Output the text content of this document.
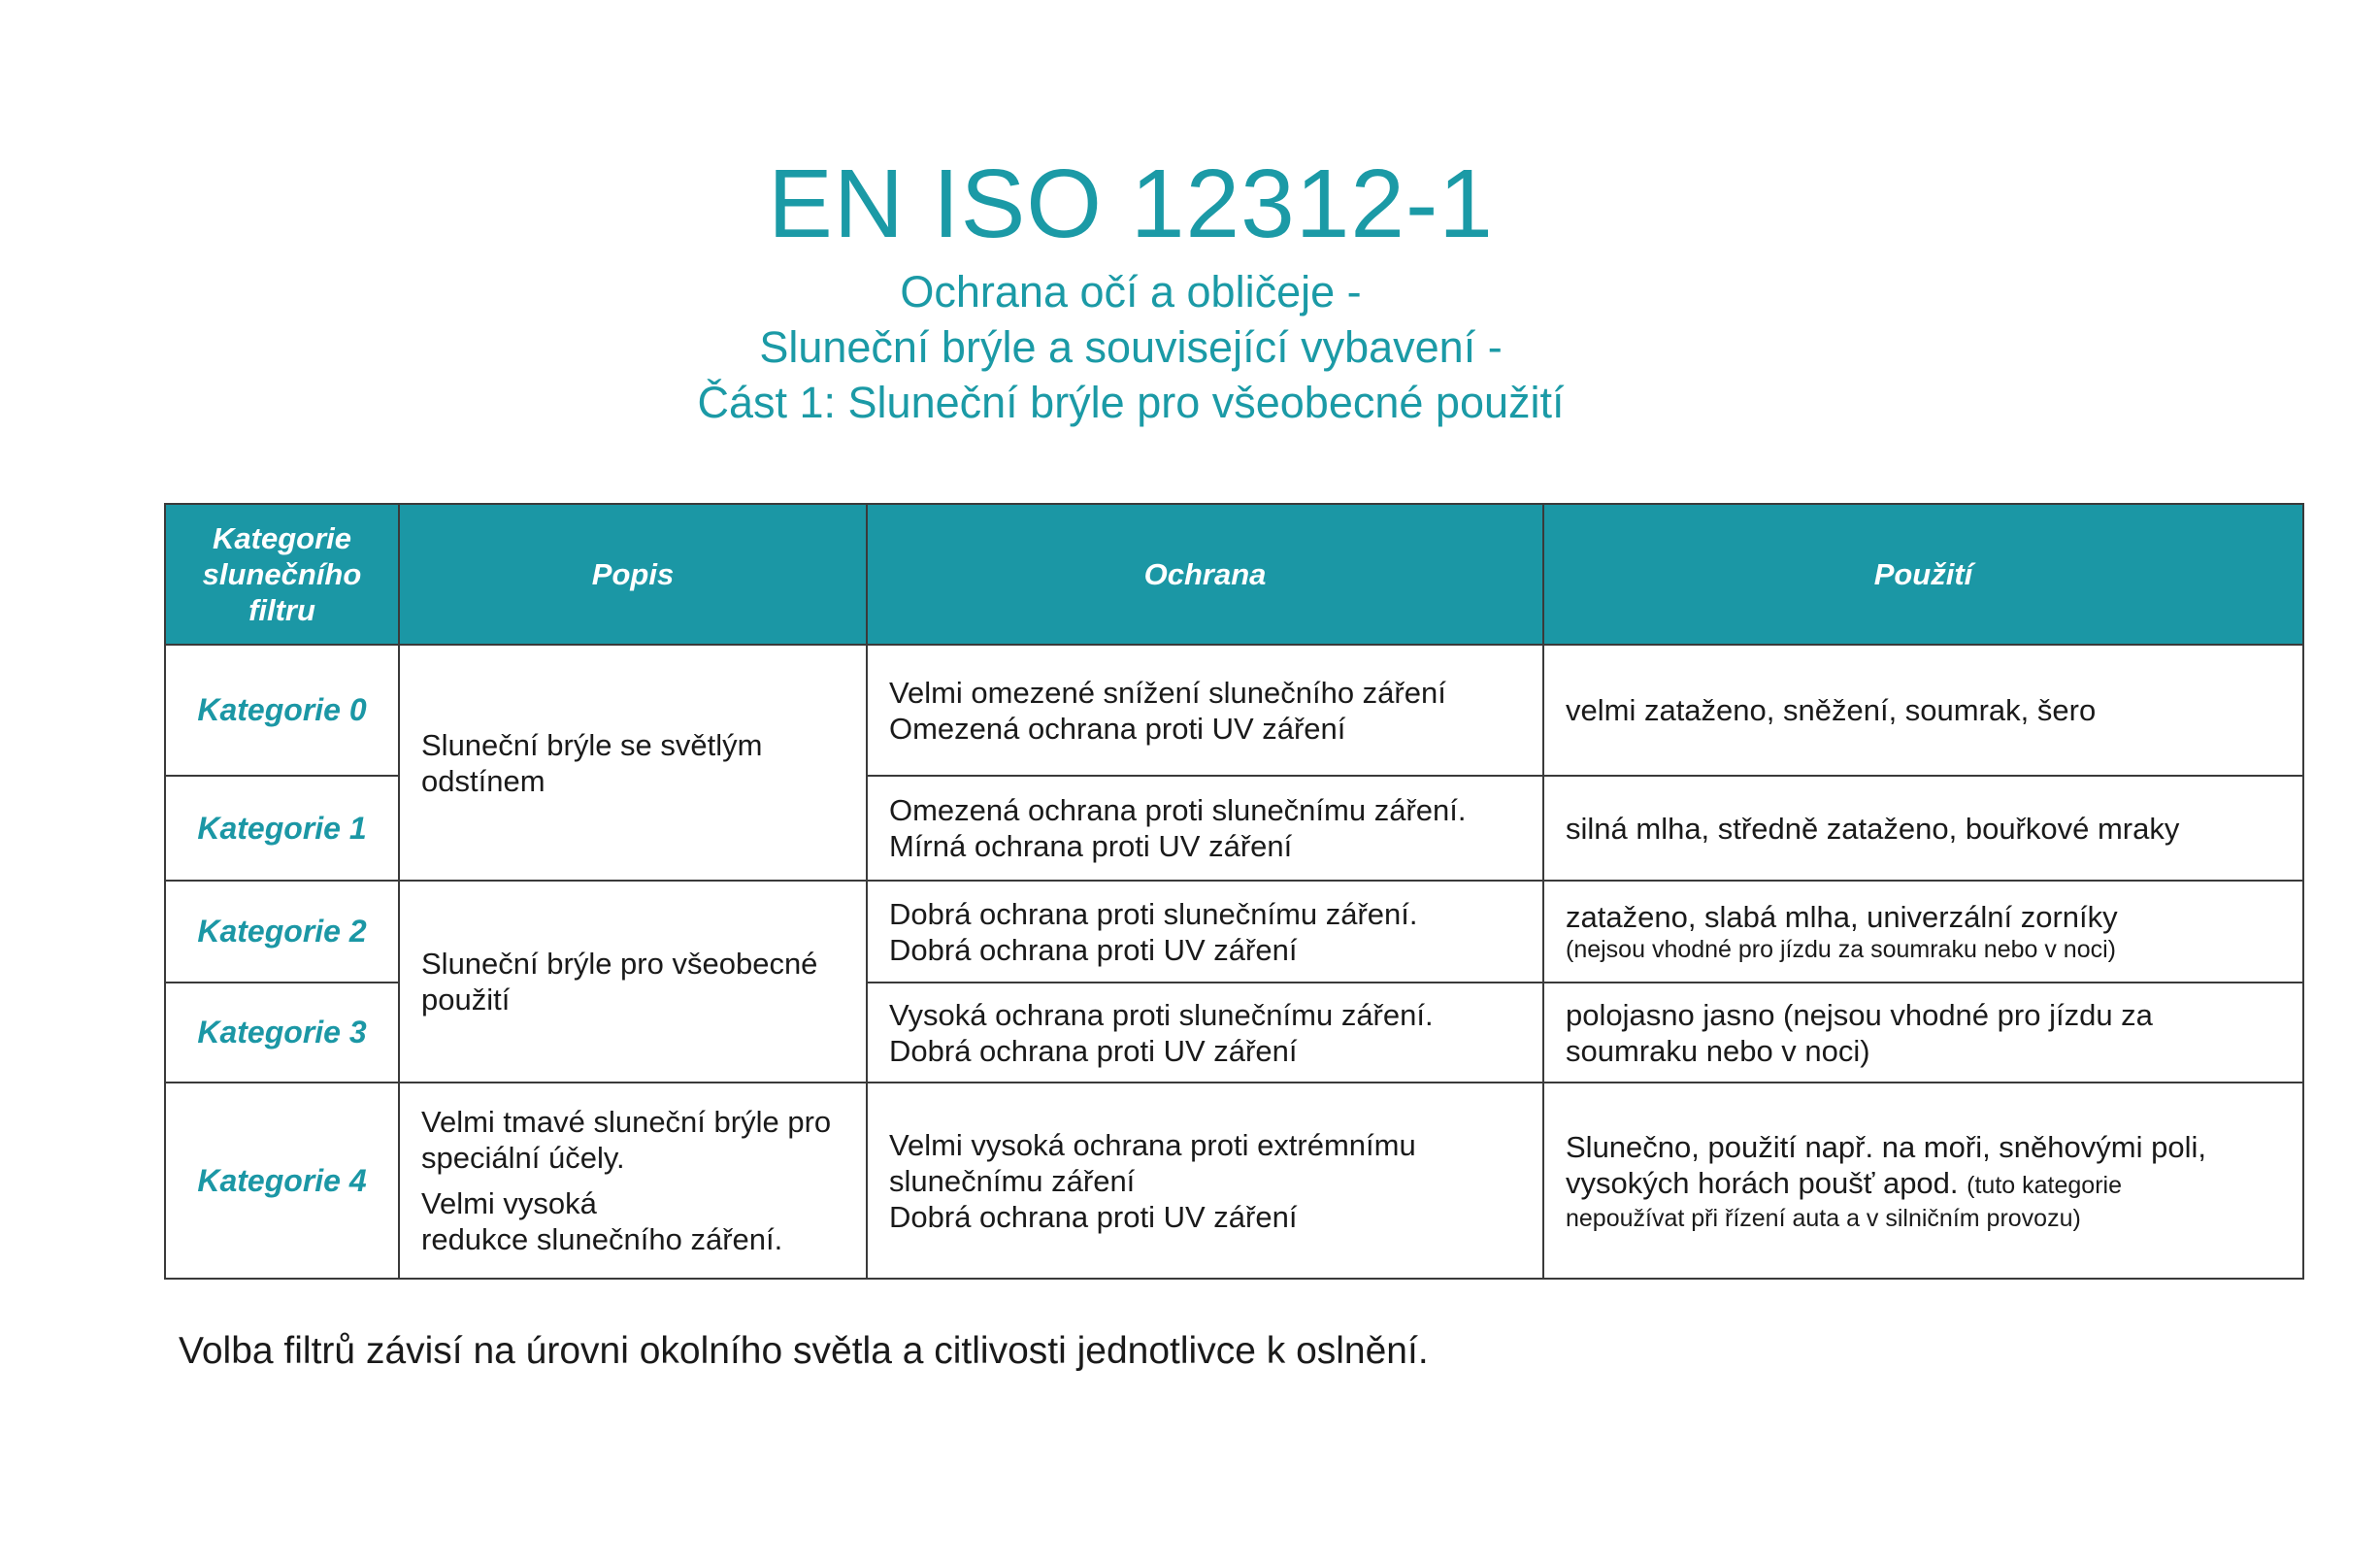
EN ISO 12312-1
Ochrana očí a obličeje -
Sluneční brýle a související vybavení -
Část 1: Sluneční brýle pro všeobecné použití
Kategorie
slunečního
filtru	Popis	Ochrana	Použití
Kategorie 0	Sluneční brýle se světlým
odstínem	Velmi omezené snížení slunečního záření
Omezená ochrana proti UV záření	velmi zataženo, sněžení, soumrak, šero

Kategorie 1		Omezená ochrana proti slunečnímu záření.
Mírná ochrana proti UV záření	silná mlha, středně zataženo, bouřkové mraky

Kategorie 2	Sluneční brýle pro všeobecné
použití	Dobrá ochrana proti slunečnímu záření.
Dobrá ochrana proti UV záření	zataženo, slabá mlha, univerzální zorníky
(nejsou vhodné pro jízdu za soumraku nebo v noci)

Kategorie 3		Vysoká ochrana proti slunečnímu záření.
Dobrá ochrana proti UV záření	polojasno jasno (nejsou vhodné pro jízdu za
soumraku nebo v noci)

Kategorie 4	Velmi tmavé sluneční brýle pro
speciální účely.
Velmi vysoká
redukce slunečního záření.	Velmi vysoká ochrana proti extrémnímu
slunečnímu záření
Dobrá ochrana proti UV záření	Slunečno, použití např. na moři, sněhovými poli,
vysokých horách poušť apod. (tuto kategorie
nepoužívat při řízení auta a v silničním provozu)
Volba filtrů závisí na úrovni okolního světla a citlivosti jednotlivce k oslnění.
